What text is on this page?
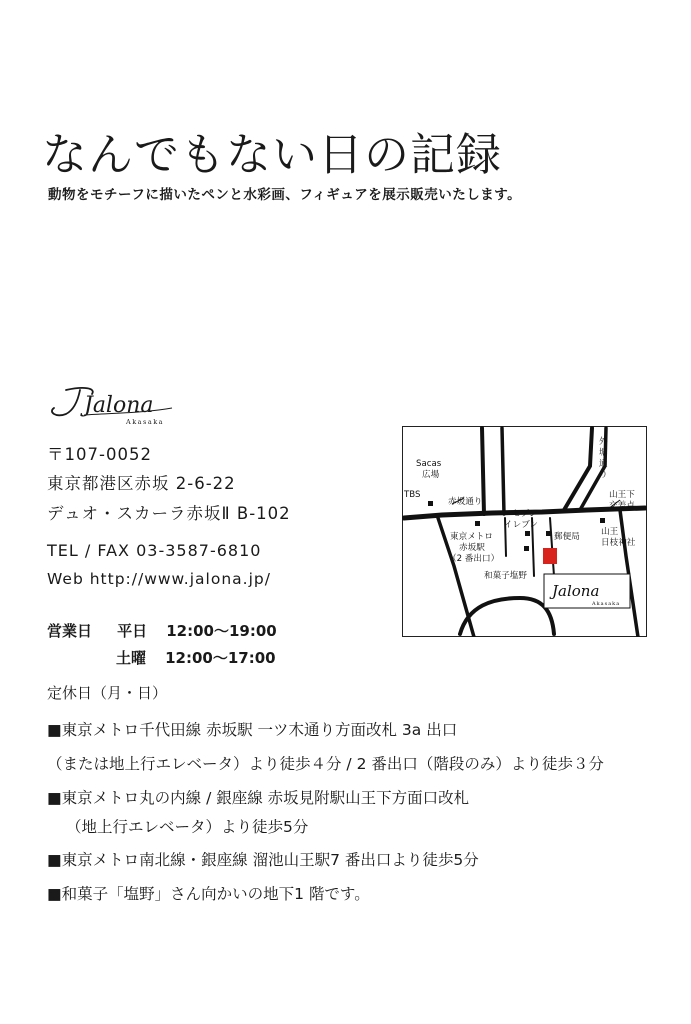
なんでもない日の記録
動物をモチーフに描いたペンと水彩画、フィギュアを展示販売いたします。
Jalona
Akasaka
〒107-0052
東京都港区赤坂 2-6-22
デュオ・スカーラ赤坂Ⅱ B-102
TEL / FAX 03-3587-6810
Web http://www.jalona.jp/
営業日 平日 12:00〜19:00
土曜 12:00〜17:00
定休日（月・日）
■東京メトロ千代田線 赤坂駅 一ツ木通り方面改札 3a 出口
（または地上行エレベータ）より徒歩４分 / 2 番出口（階段のみ）より徒歩３分
■東京メトロ丸の内線 / 銀座線 赤坂見附駅山王下方面口改札
（地上行エレベータ）より徒歩5分
■東京メトロ南北線・銀座線 溜池山王駅7 番出口より徒歩5分
■和菓子「塩野」さん向かいの地下1 階です。
Sacas
広場
TBS
赤坂通り
外
堀
通
り
山王下
交差点
セブン
イレブン
郵便局
東京メトロ
赤坂駅
（2 番出口）
山王
日枝神社
和菓子塩野
Jalona
Akasaka
